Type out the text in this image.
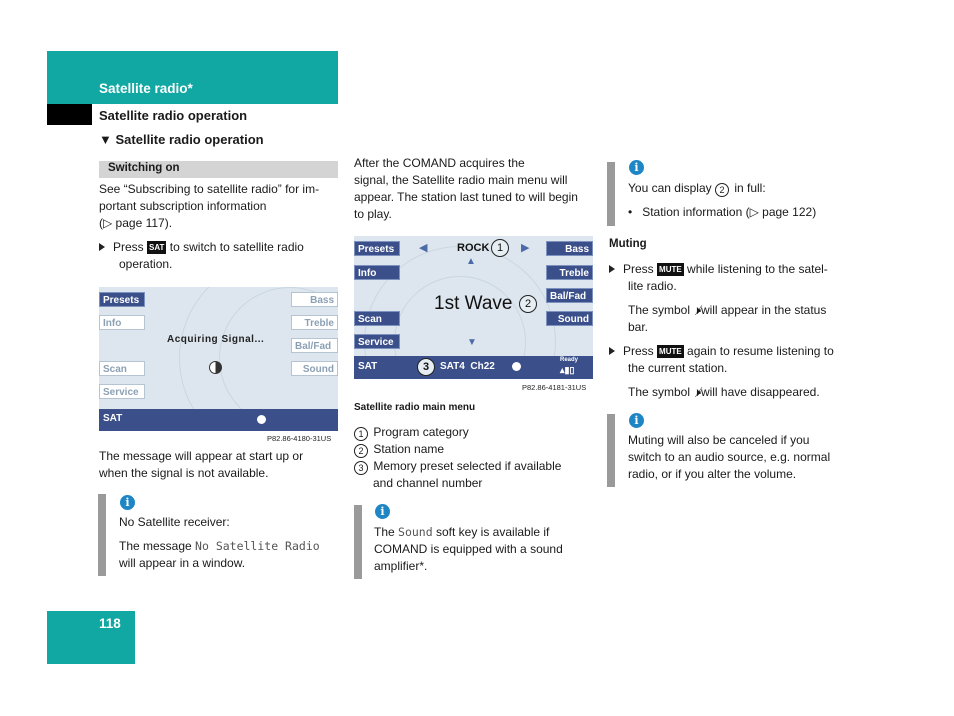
Satellite radio*
Satellite radio operation
▼ Satellite radio operation
Switching on
See “Subscribing to satellite radio” for im-
portant subscription information
(▷ page 117).
Press SAT to switch to satellite radio
operation.
Presets
Info
Scan
Service
Bass
Treble
Bal/Fad
Sound
Acquiring Signal...
SAT
P82.86-4180-31US
The message will appear at start up or
when the signal is not available.
i
No Satellite receiver:
The message No Satellite Radio
will appear in a window.
After the COMAND acquires the
signal, the Satellite radio main menu will
appear. The station last tuned to will begin
to play.
Presets
Info
Scan
Service
Bass
Treble
Bal/Fad
Sound
◀	ROCK 1	▶
▲
1st Wave	2
▼
SAT	3	SAT4  Ch22
Ready
▴▮▯
P82.86-4181-31US
Satellite radio main menu
1 Program category
2 Station name
3 Memory preset selected if available
and channel number
i
The Sound soft key is available if
COMAND is equipped with a sound
amplifier*.
i
You can display 2 in full:
• Station information (▷ page 122)
Muting
Press MUTE while listening to the satel-
lite radio.
The symbol 🕨̸will appear in the status
bar.
Press MUTE again to resume listening to
the current station.
The symbol 🕨̸will have disappeared.
i
Muting will also be canceled if you
switch to an audio source, e.g. normal
radio, or if you alter the volume.
118
